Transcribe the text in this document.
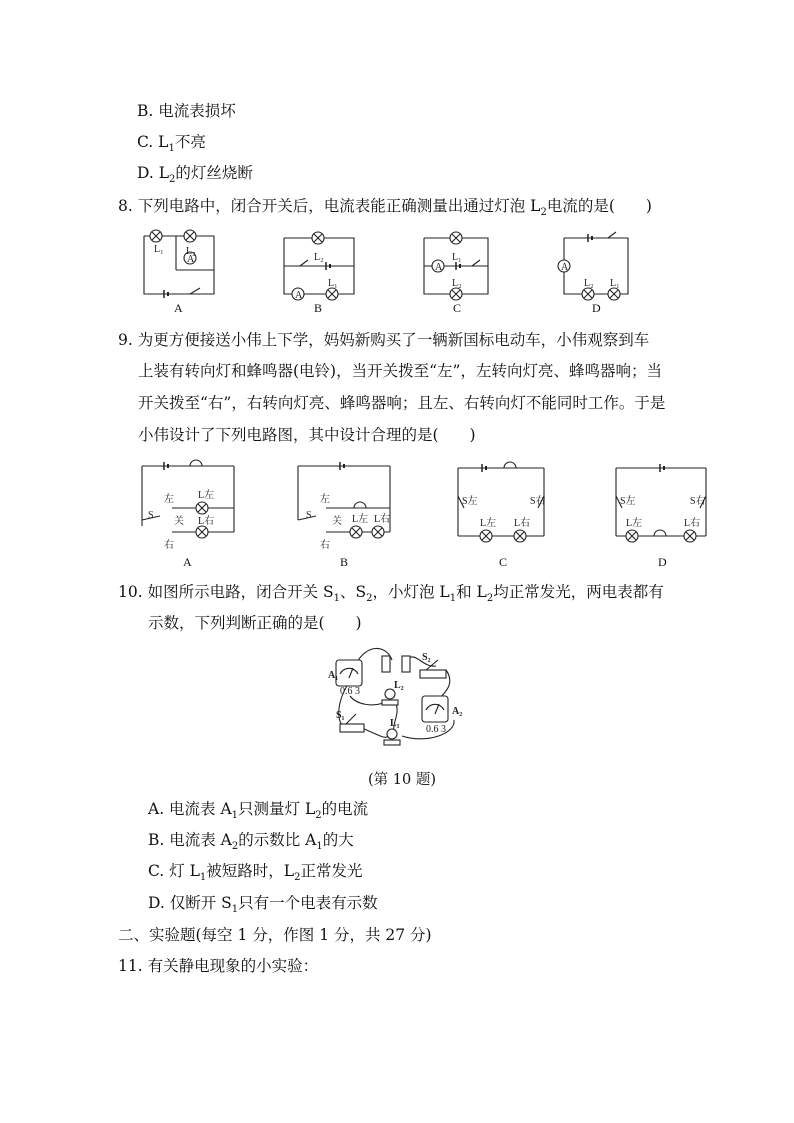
B. 电流表损坏
C. $L_1$不亮
D. $L_2$的灯丝烧断
8. 下列电路中，闭合开关后，电流表能正确测量出通过灯泡 $L_2$电流的是(　　)
A
L₁ L₂
A
L₂
A
L₁
B
L₁
A
L₂
C
A
L₂ L₁
D
9. 为更方便接送小伟上下学，妈妈新购买了一辆新国标电动车，小伟观察到车
上装有转向灯和蜂鸣器(电铃)，当开关拨至“左”，左转向灯亮、蜂鸣器响；当
开关拨至“右”，右转向灯亮、蜂鸣器响；且左、右转向灯不能同时工作。于是
小伟设计了下列电路图，其中设计合理的是(　　)
左 L左
S
关 L右
右
A
左
S
关 L左 L右
右
B
S左	S右
L左 L右
C
S左	S右
L左	L右
D
10. 如图所示电路，闭合开关 $S_1$、$S_2$，小灯泡 $L_1$和 $L_2$均正常发光，两电表都有
示数，下列判断正确的是(　　)
0.6 3
A₁
S₂
L₂
0.6 3
A₂
S₁
L₁
(第 10 题)
A. 电流表 $A_1$只测量灯 $L_2$的电流
B. 电流表 $A_2$的示数比 $A_1$的大
C. 灯 $L_1$被短路时，$L_2$正常发光
D. 仅断开 $S_1$只有一个电表有示数
二、实验题(每空 1 分，作图 1 分，共 27 分)
11. 有关静电现象的小实验：
